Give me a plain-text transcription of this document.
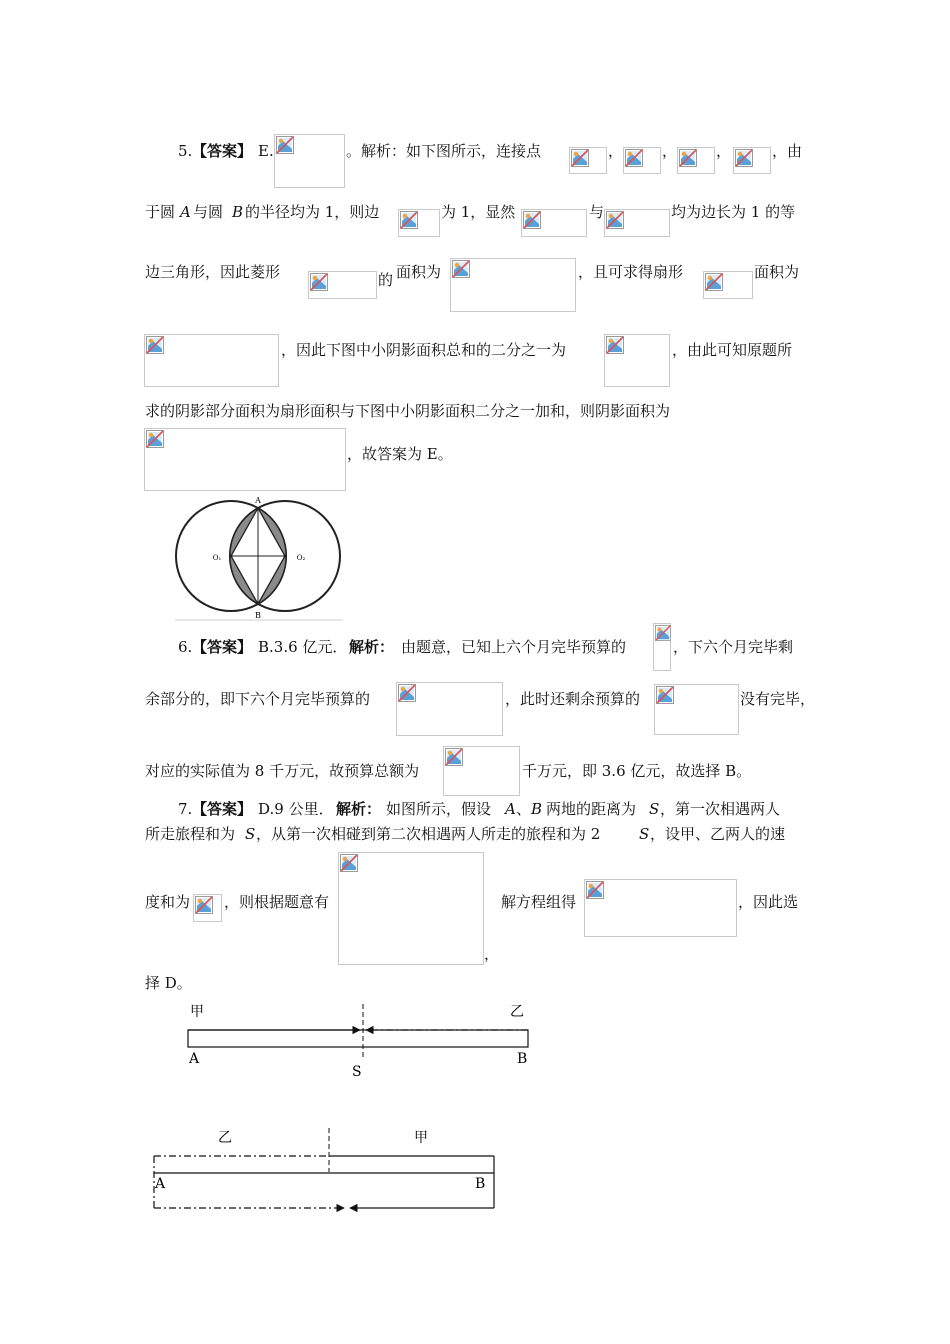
5. 【答案】 E.	。解析：如下图所示，连接点	，	，	，	，由
于圆 A 与圆 B 的半径均为 1，则边	为 1，显然	与	均为边长为 1 的等
边三角形，因此菱形	的 面积为	，且可求得扇形	面积为
，因此下图中小阴影面积总和的二分之一为	，由此可知原题所
求的阴影部分面积为扇形面积与下图中小阴影面积二分之一加和，则阴影面积为
，故答案为 E。
A
B
O₁	O₂
6. 【答案】 B.3.6 亿元． 解析： 由题意，已知上六个月完毕预算的	，下六个月完毕剩
余部分的，即下六个月完毕预算的	，此时还剩余预算的	没有完毕，
对应的实际值为 8 千万元，故预算总额为	千万元，即 3.6 亿元，故选择 B。
7. 【答案】 D.9 公里． 解析： 如图所示，假设 A 、 B 两地的距离为 S ，第一次相遇两人
所走旅程和为 S ，从第一次相碰到第二次相遇两人所走的旅程和为 2	S ，设甲、乙两人的速
度和为 ，则根据题意有
，
解方程组得	，因此选
择 D。
甲	乙
A	B
S
乙	甲
A	B
